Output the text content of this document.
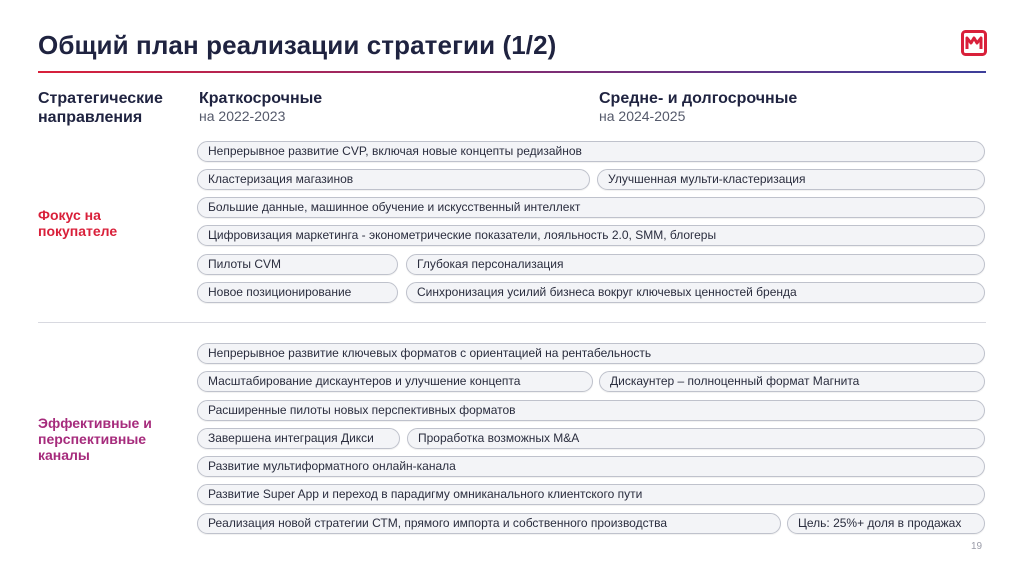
Общий план реализации стратегии (1/2)
Стратегические направления
Краткосрочные
на 2022-2023
Средне- и долгосрочные
на 2024-2025
Фокус на покупателе
Непрерывное развитие CVP, включая новые концепты редизайнов
Кластеризация магазинов	Улучшенная мульти-кластеризация
Большие данные, машинное обучение и искусственный интеллект
Цифровизация маркетинга - эконометрические показатели, лояльность 2.0, SMM, блогеры
Пилоты CVM	Глубокая персонализация
Новое позиционирование	Синхронизация усилий бизнеса вокруг ключевых ценностей бренда
Эффективные и перспективные каналы
Непрерывное развитие ключевых форматов с ориентацией на рентабельность
Масштабирование дискаунтеров и улучшение концепта	Дискаунтер – полноценный формат Магнита
Расширенные пилоты новых перспективных форматов
Завершена интеграция Дикси	Проработка возможных M&A
Развитие мультиформатного онлайн-канала
Развитие Super App и переход в парадигму омниканального клиентского пути
Реализация новой стратегии СТМ, прямого импорта и собственного производства	Цель: 25%+ доля в продажах
19
